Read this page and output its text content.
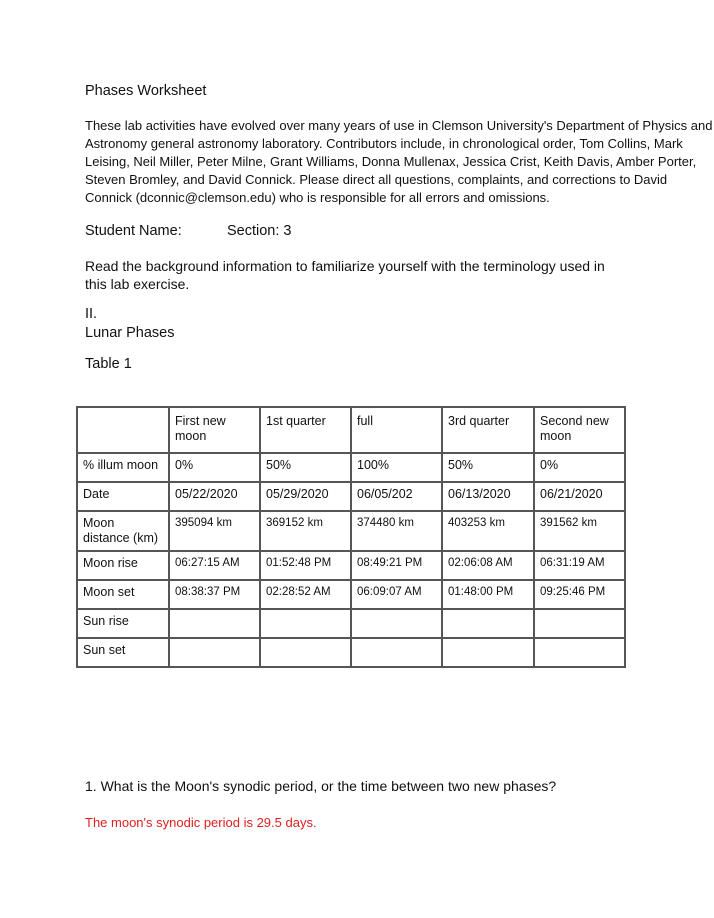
Phases Worksheet
These lab activities have evolved over many years of use in Clemson University's Department of Physics and Astronomy general astronomy laboratory. Contributors include, in chronological order, Tom Collins, Mark Leising, Neil Miller, Peter Milne, Grant Williams, Donna Mullenax, Jessica Crist, Keith Davis, Amber Porter, Steven Bromley, and David Connick. Please direct all questions, complaints, and corrections to David Connick (dconnic@clemson.edu) who is responsible for all errors and omissions.
Student Name:	Section: 3
Read the background information to familiarize yourself with the terminology used in this lab exercise.
II.
Lunar Phases
Table 1
	First new moon	1st quarter	full	3rd quarter	Second new moon
% illum moon	0%	50%	100%	50%	0%
Date	05/22/2020	05/29/2020	06/05/202	06/13/2020	06/21/2020
Moon distance (km)	395094 km	369152 km	374480 km	403253 km	391562 km
Moon rise	06:27:15 AM	01:52:48 PM	08:49:21 PM	02:06:08 AM	06:31:19 AM
Moon set	08:38:37 PM	02:28:52 AM	06:09:07 AM	01:48:00 PM	09:25:46 PM
Sun rise					
Sun set					
1. What is the Moon's synodic period, or the time between two new phases?
The moon's synodic period is 29.5 days.
